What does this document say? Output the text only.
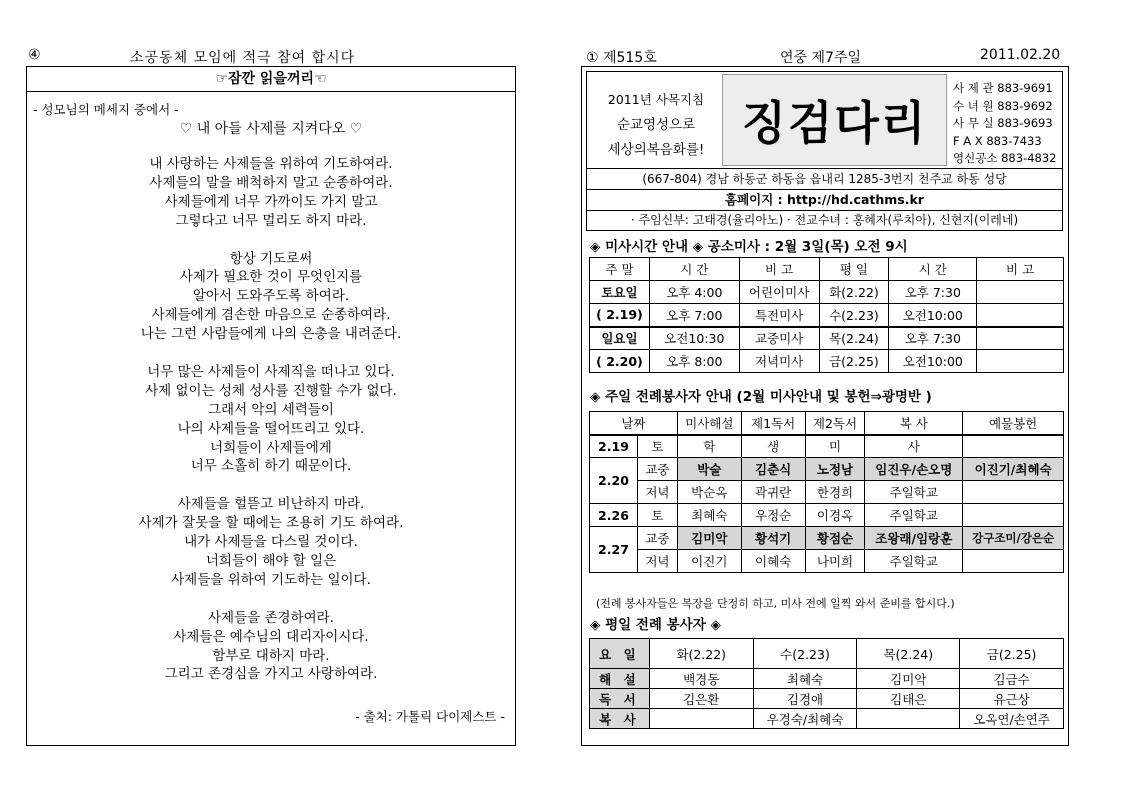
④	소공동체 모임에 적극 참여 합시다
☞잠깐 읽을꺼리☜
- 성모님의 메세지 중에서 -
♡ 내 아들 사제를 지켜다오 ♡
내 사랑하는 사제들을 위하여 기도하여라.
사제들의 말을 배척하지 말고 순종하여라.
사제들에게 너무 가까이도 가지 말고
그렇다고 너무 멀리도 하지 마라.
항상 기도로써
사제가 필요한 것이 무엇인지를
알아서 도와주도록 하여라.
사제들에게 겸손한 마음으로 순종하여라.
나는 그런 사람들에게 나의 은총을 내려준다.
너무 많은 사제들이 사제직을 떠나고 있다.
사제 없이는 성체 성사를 진행할 수가 없다.
그래서 악의 세력들이
나의 사제들을 떨어뜨리고 있다.
너희들이 사제들에게
너무 소홀히 하기 때문이다.
사제들을 헐뜯고 비난하지 마라.
사제가 잘못을 할 때에는 조용히 기도 하여라.
내가 사제들을 다스릴 것이다.
너희들이 해야 할 일은
사제들을 위하여 기도하는 일이다.
사제들을 존경하여라.
사제들은 예수님의 대리자이시다.
함부로 대하지 마라.
그리고 존경심을 가지고 사랑하여라.
- 출처: 가톨릭 다이제스트 -
① 제515호	연중 제7주일	2011.02.20
2011년 사목지침
순교영성으로
세상의복음화를! 징검다리
사 제 관 883-9691
수 녀 원 883-9692
사 무 실 883-9693
F A X 883-7433
영신공소 883-4832
(667-804) 경남 하동군 하동읍 읍내리 1285-3번지 천주교 하동 성당
홈페이지 : http://hd.cathms.kr
· 주임신부: 고태경(율리아노) · 전교수녀 : 홍혜자(루치아), 신현지(이레네)
◈ 미사시간 안내 ◈ 공소미사 : 2월 3일(목) 오전 9시
주 말	시 간	비 고	평 일	시 간	비 고
토요일	오후 4:00	어린이미사	화(2.22)	오후 7:30	
( 2.19)	오후 7:00	특전미사	수(2.23)	오전10:00	
일요일	오전10:30	교중미사	목(2.24)	오후 7:30	
( 2.20)	오후 8:00	저녁미사	금(2.25)	오전10:00	
◈ 주일 전례봉사자 안내 (2월 미사안내 및 봉헌⇒광명반 )
날짜		미사해설	제1독서	제2독서	복 사	예물봉헌
2.19	토	학	생	미	사	
2.20	교중	박술	김춘식	노정남	임진우/손오명	이진기/최혜숙
	저녁	박순옥	곽귀란	한경희	주일학교	
2.26	토	최혜숙	우정순	이경옥	주일학교	
2.27	교중	김미악	황석기	황점순	조왕래/임랑훈	강구조미/강은순
	저녁	이진기	이혜숙	나미희	주일학교	
(전례 봉사자들은 복장을 단정히 하고, 미사 전에 일찍 와서 준비를 합시다.)
◈ 평일 전례 봉사자 ◈
요 일	화(2.22)	수(2.23)	목(2.24)	금(2.25)
해 설	백경동	최혜숙	김미악	김금수
독 서	김은환	김경애	김태은	유근상
복 사		우경숙/최혜숙		오옥연/손연주
